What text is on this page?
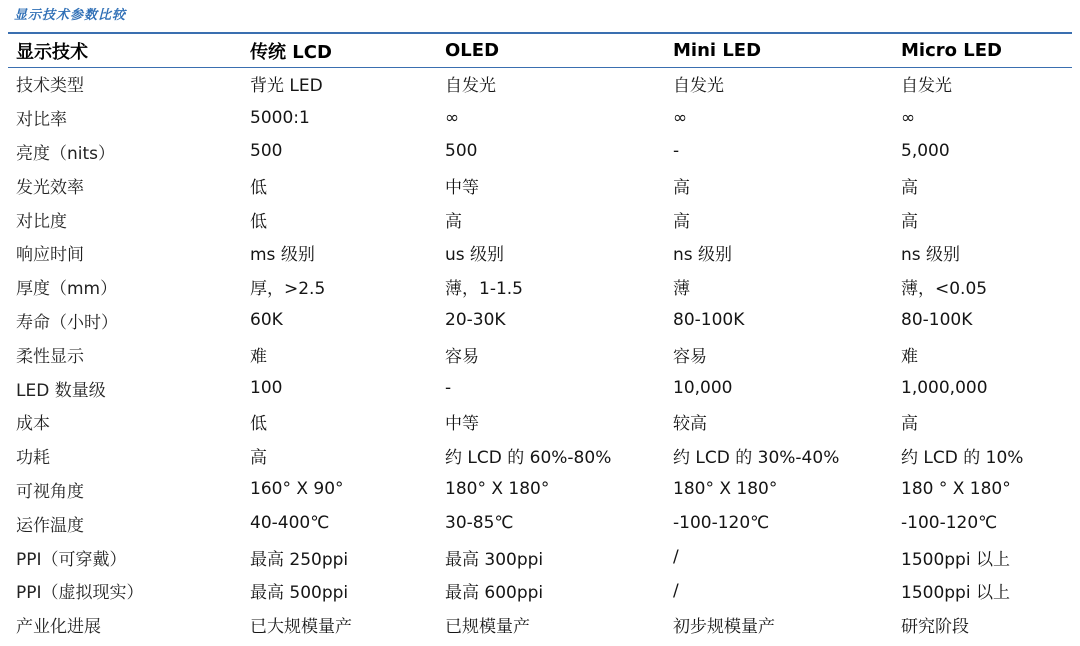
显示技术参数比较
显示技术	传统 LCD	OLED	Mini LED	Micro LED
技术类型	背光 LED	自发光	自发光	自发光
对比率	5000:1	∞	∞	∞
亮度（nits）	500	500	-	5,000
发光效率	低	中等	高	高
对比度	低	高	高	高
响应时间	ms 级别	us 级别	ns 级别	ns 级别
厚度（mm）	厚，>2.5	薄，1-1.5	薄	薄，<0.05
寿命（小时）	60K	20-30K	80-100K	80-100K
柔性显示	难	容易	容易	难
LED 数量级	100	-	10,000	1,000,000
成本	低	中等	较高	高
功耗	高	约 LCD 的 60%-80%	约 LCD 的 30%-40%	约 LCD 的 10%
可视角度	160° X 90°	180° X 180°	180° X 180°	180 ° X 180°
运作温度	40-400℃	30-85℃	-100-120℃	-100-120℃
PPI（可穿戴）	最高 250ppi	最高 300ppi	/	1500ppi 以上
PPI（虚拟现实）	最高 500ppi	最高 600ppi	/	1500ppi 以上
产业化进展	已大规模量产	已规模量产	初步规模量产	研究阶段
